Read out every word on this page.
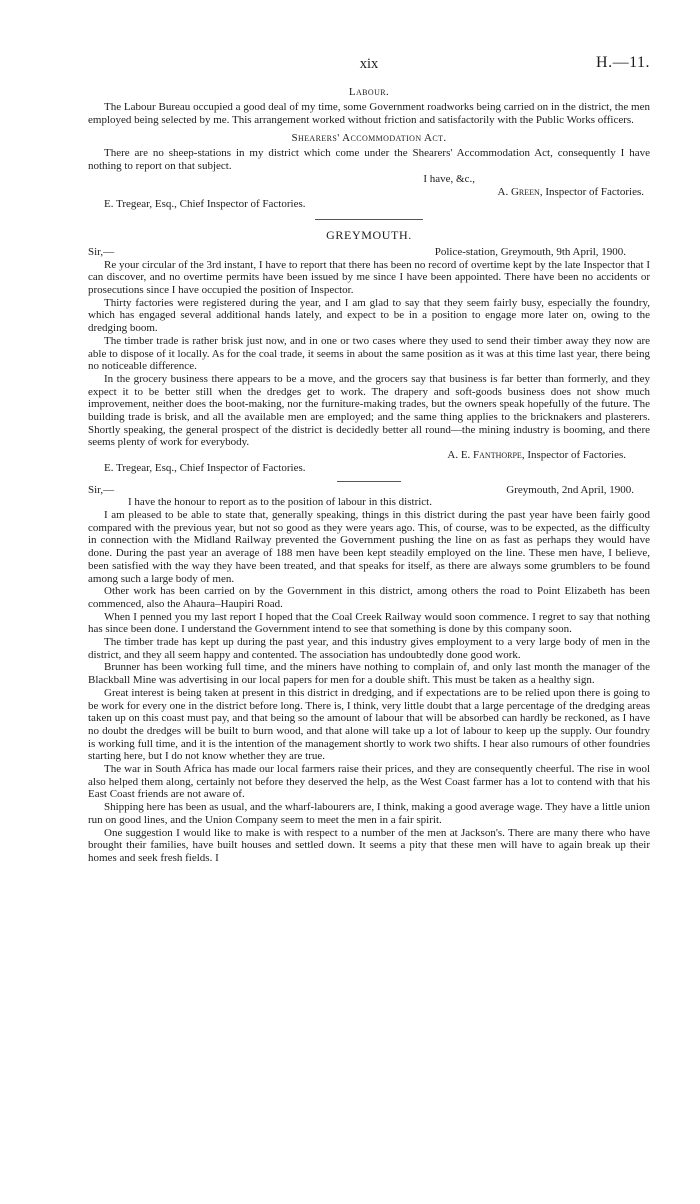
xix	H.—11.
Labour.

The Labour Bureau occupied a good deal of my time, some Government roadworks being carried on in the district, the men employed being selected by me. This arrangement worked without friction and satisfactorily with the Public Works officers.

Shearers' Accommodation Act.

There are no sheep-stations in my district which come under the Shearers' Accommodation Act, consequently I have nothing to report on that subject.

I have, &c.,
A. Green, Inspector of Factories.
E. Tregear, Esq., Chief Inspector of Factories.
GREYMOUTH.
Sir,—	Police-station, Greymouth, 9th April, 1900.

Re your circular of the 3rd instant, I have to report that there has been no record of overtime kept by the late Inspector that I can discover, and no overtime permits have been issued by me since I have been appointed. There have been no accidents or prosecutions since I have occupied the position of Inspector.

Thirty factories were registered during the year, and I am glad to say that they seem fairly busy, especially the foundry, which has engaged several additional hands lately, and expect to be in a position to engage more later on, owing to the dredging boom.

The timber trade is rather brisk just now, and in one or two cases where they used to send their timber away they now are able to dispose of it locally. As for the coal trade, it seems in about the same position as it was at this time last year, there being no noticeable difference.

In the grocery business there appears to be a move, and the grocers say that business is far better than formerly, and they expect it to be better still when the dredges get to work. The drapery and soft-goods business does not show much improvement, neither does the boot-making, nor the furniture-making trades, but the owners speak hopefully of the future. The building trade is brisk, and all the available men are employed; and the same thing applies to the bricknakers and plasterers. Shortly speaking, the general prospect of the district is decidedly better all round—the mining industry is booming, and there seems plenty of work for everybody.

A. E. Fanthorpe, Inspector of Factories.
E. Tregear, Esq., Chief Inspector of Factories.
Sir,—	Greymouth, 2nd April, 1900.

I have the honour to report as to the position of labour in this district.

I am pleased to be able to state that, generally speaking, things in this district during the past year have been fairly good compared with the previous year, but not so good as they were years ago. This, of course, was to be expected, as the difficulty in connection with the Midland Railway prevented the Government pushing the line on as fast as perhaps they would have done. During the past year an average of 188 men have been kept steadily employed on the line. These men have, I believe, been satisfied with the way they have been treated, and that speaks for itself, as there are always some grumblers to be found among such a large body of men.

Other work has been carried on by the Government in this district, among others the road to Point Elizabeth has been commenced, also the Ahaura–Haupiri Road.

When I penned you my last report I hoped that the Coal Creek Railway would soon commence. I regret to say that nothing has since been done. I understand the Government intend to see that something is done by this company soon.

The timber trade has kept up during the past year, and this industry gives employment to a very large body of men in the district, and they all seem happy and contented. The association has undoubtedly done good work.

Brunner has been working full time, and the miners have nothing to complain of, and only last month the manager of the Blackball Mine was advertising in our local papers for men for a double shift. This must be taken as a healthy sign.

Great interest is being taken at present in this district in dredging, and if expectations are to be relied upon there is going to be work for every one in the district before long. There is, I think, very little doubt that a large percentage of the dredging areas taken up on this coast must pay, and that being so the amount of labour that will be absorbed can hardly be reckoned, as I have no doubt the dredges will be built to burn wood, and that alone will take up a lot of labour to keep up the supply. Our foundry is working full time, and it is the intention of the management shortly to work two shifts. I hear also rumours of other foundries starting here, but I do not know whether they are true.

The war in South Africa has made our local farmers raise their prices, and they are consequently cheerful. The rise in wool also helped them along, certainly not before they deserved the help, as the West Coast farmer has a lot to contend with that his East Coast friends are not aware of.

Shipping here has been as usual, and the wharf-labourers are, I think, making a good average wage. They have a little union run on good lines, and the Union Company seem to meet the men in a fair spirit.

One suggestion I would like to make is with respect to a number of the men at Jackson's. There are many there who have brought their families, have built houses and settled down. It seems a pity that these men will have to again break up their homes and seek fresh fields. I
